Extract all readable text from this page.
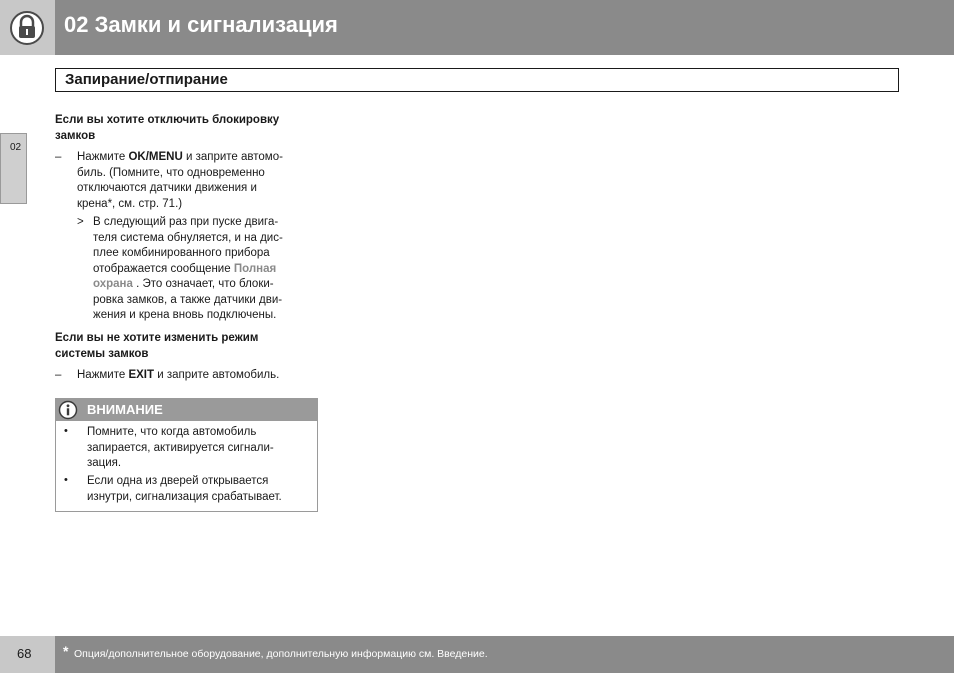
02 Замки и сигнализация
Запирание/отпирание
02
Если вы хотите отключить блокировку
замков
– Нажмите OK/MENU и заприте автомо-
биль. (Помните, что одновременно
отключаются датчики движения и
крена*, см. стр. 71.)
> В следующий раз при пуске двига-
теля система обнуляется, и на дис-
плее комбинированного прибора
отображается сообщение Полная
охрана . Это означает, что блоки-
ровка замков, а также датчики дви-
жения и крена вновь подключены.
Если вы не хотите изменить режим
системы замков
– Нажмите EXIT и заприте автомобиль.
ВНИМАНИЕ
• Помните, что когда автомобиль
запирается, активируется сигнали-
зация.
• Если одна из дверей открывается
изнутри, сигнализация срабатывает.
68 * Опция/дополнительное оборудование, дополнительную информацию см. Введение.
